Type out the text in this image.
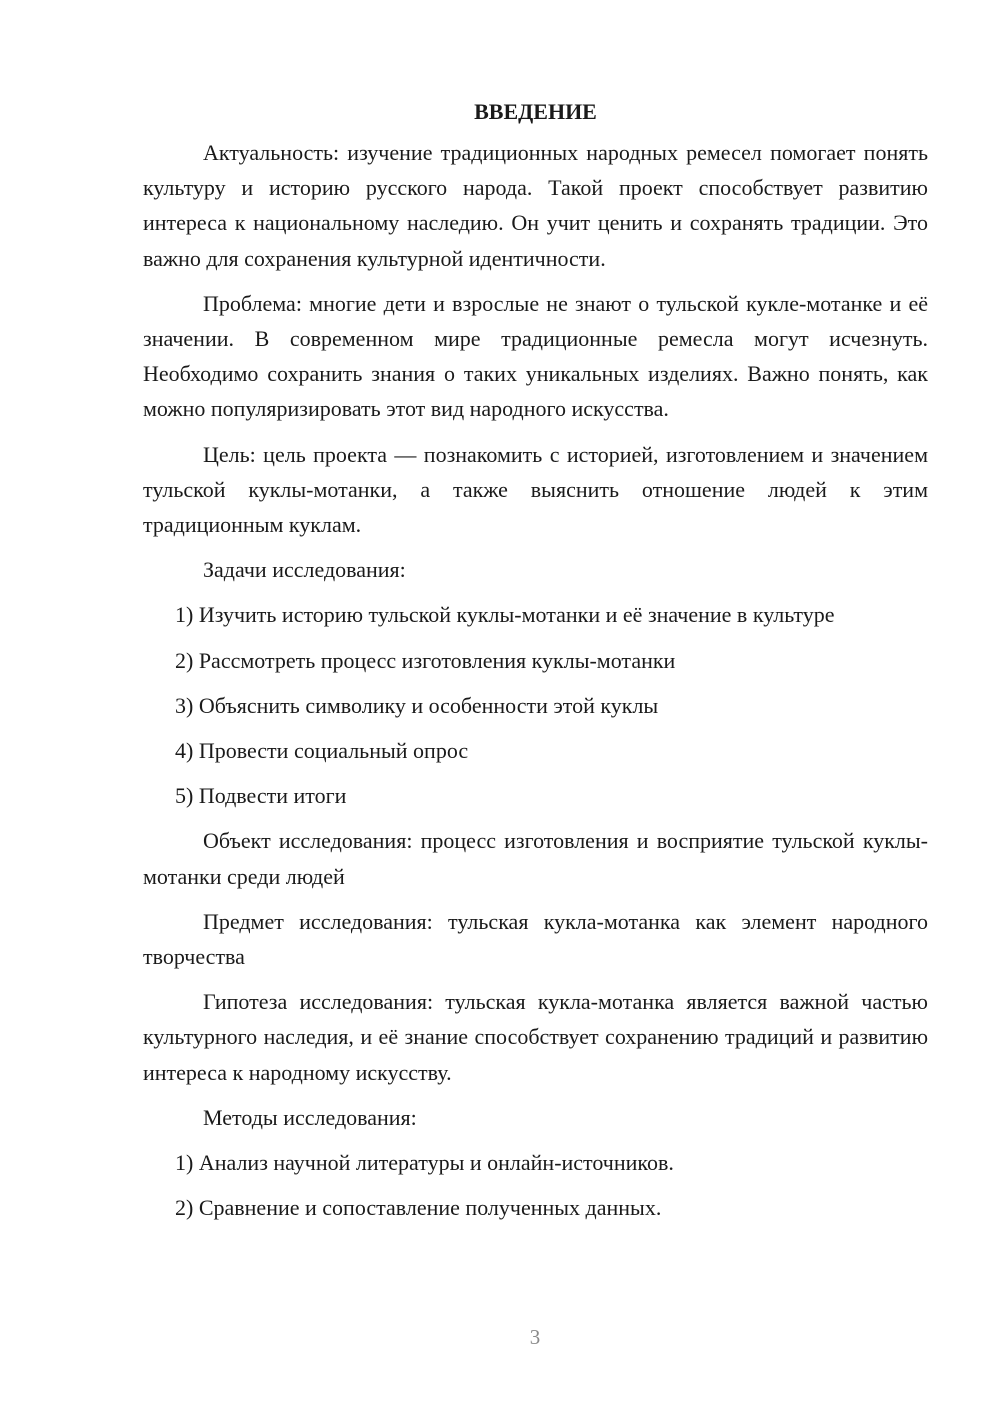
ВВЕДЕНИЕ

Актуальность: изучение традиционных народных ремесел помогает понять культуру и историю русского народа. Такой проект способствует развитию интереса к национальному наследию. Он учит ценить и сохранять традиции. Это важно для сохранения культурной идентичности.

Проблема: многие дети и взрослые не знают о тульской кукле-мотанке и её значении. В современном мире традиционные ремесла могут исчезнуть. Необходимо сохранить знания о таких уникальных изделиях. Важно понять, как можно популяризировать этот вид народного искусства.

Цель: цель проекта — познакомить с историей, изготовлением и значением тульской куклы-мотанки, а также выяснить отношение людей к этим традиционным куклам.

Задачи исследования:

1) Изучить историю тульской куклы-мотанки и её значение в культуре

2) Рассмотреть процесс изготовления куклы-мотанки

3) Объяснить символику и особенности этой куклы

4) Провести социальный опрос

5) Подвести итоги

Объект исследования: процесс изготовления и восприятие тульской куклы-мотанки среди людей

Предмет исследования: тульская кукла-мотанка как элемент народного творчества

Гипотеза исследования: тульская кукла-мотанка является важной частью культурного наследия, и её знание способствует сохранению традиций и развитию интереса к народному искусству.

Методы исследования:

1) Анализ научной литературы и онлайн-источников.

2) Сравнение и сопоставление полученных данных.

3
